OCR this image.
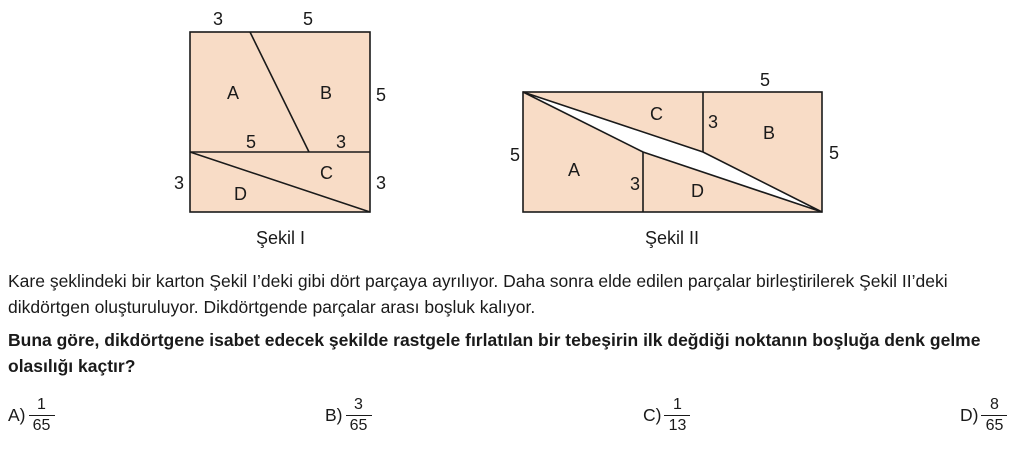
3	5
5
3
3
5	3
A	B
C
D
Şekil I
5
5	5
3
3
A
B
C
D
Şekil II

Kare şeklindeki bir karton Şekil I’deki gibi dört parçaya ayrılıyor. Daha sonra elde edilen parçalar birleştirilerek Şekil II’deki dikdörtgen oluşturuluyor. Dikdörtgende parçalar arası boşluk kalıyor.

Buna göre, dikdörtgene isabet edecek şekilde rastgele fırlatılan bir tebeşirin ilk değdiği noktanın boşluğa denk gelme olasılığı kaçtır?

$A) \frac{1}{65}$	$B) \frac{3}{65}$	$C) \frac{1}{13}$	$D) \frac{8}{65}$
